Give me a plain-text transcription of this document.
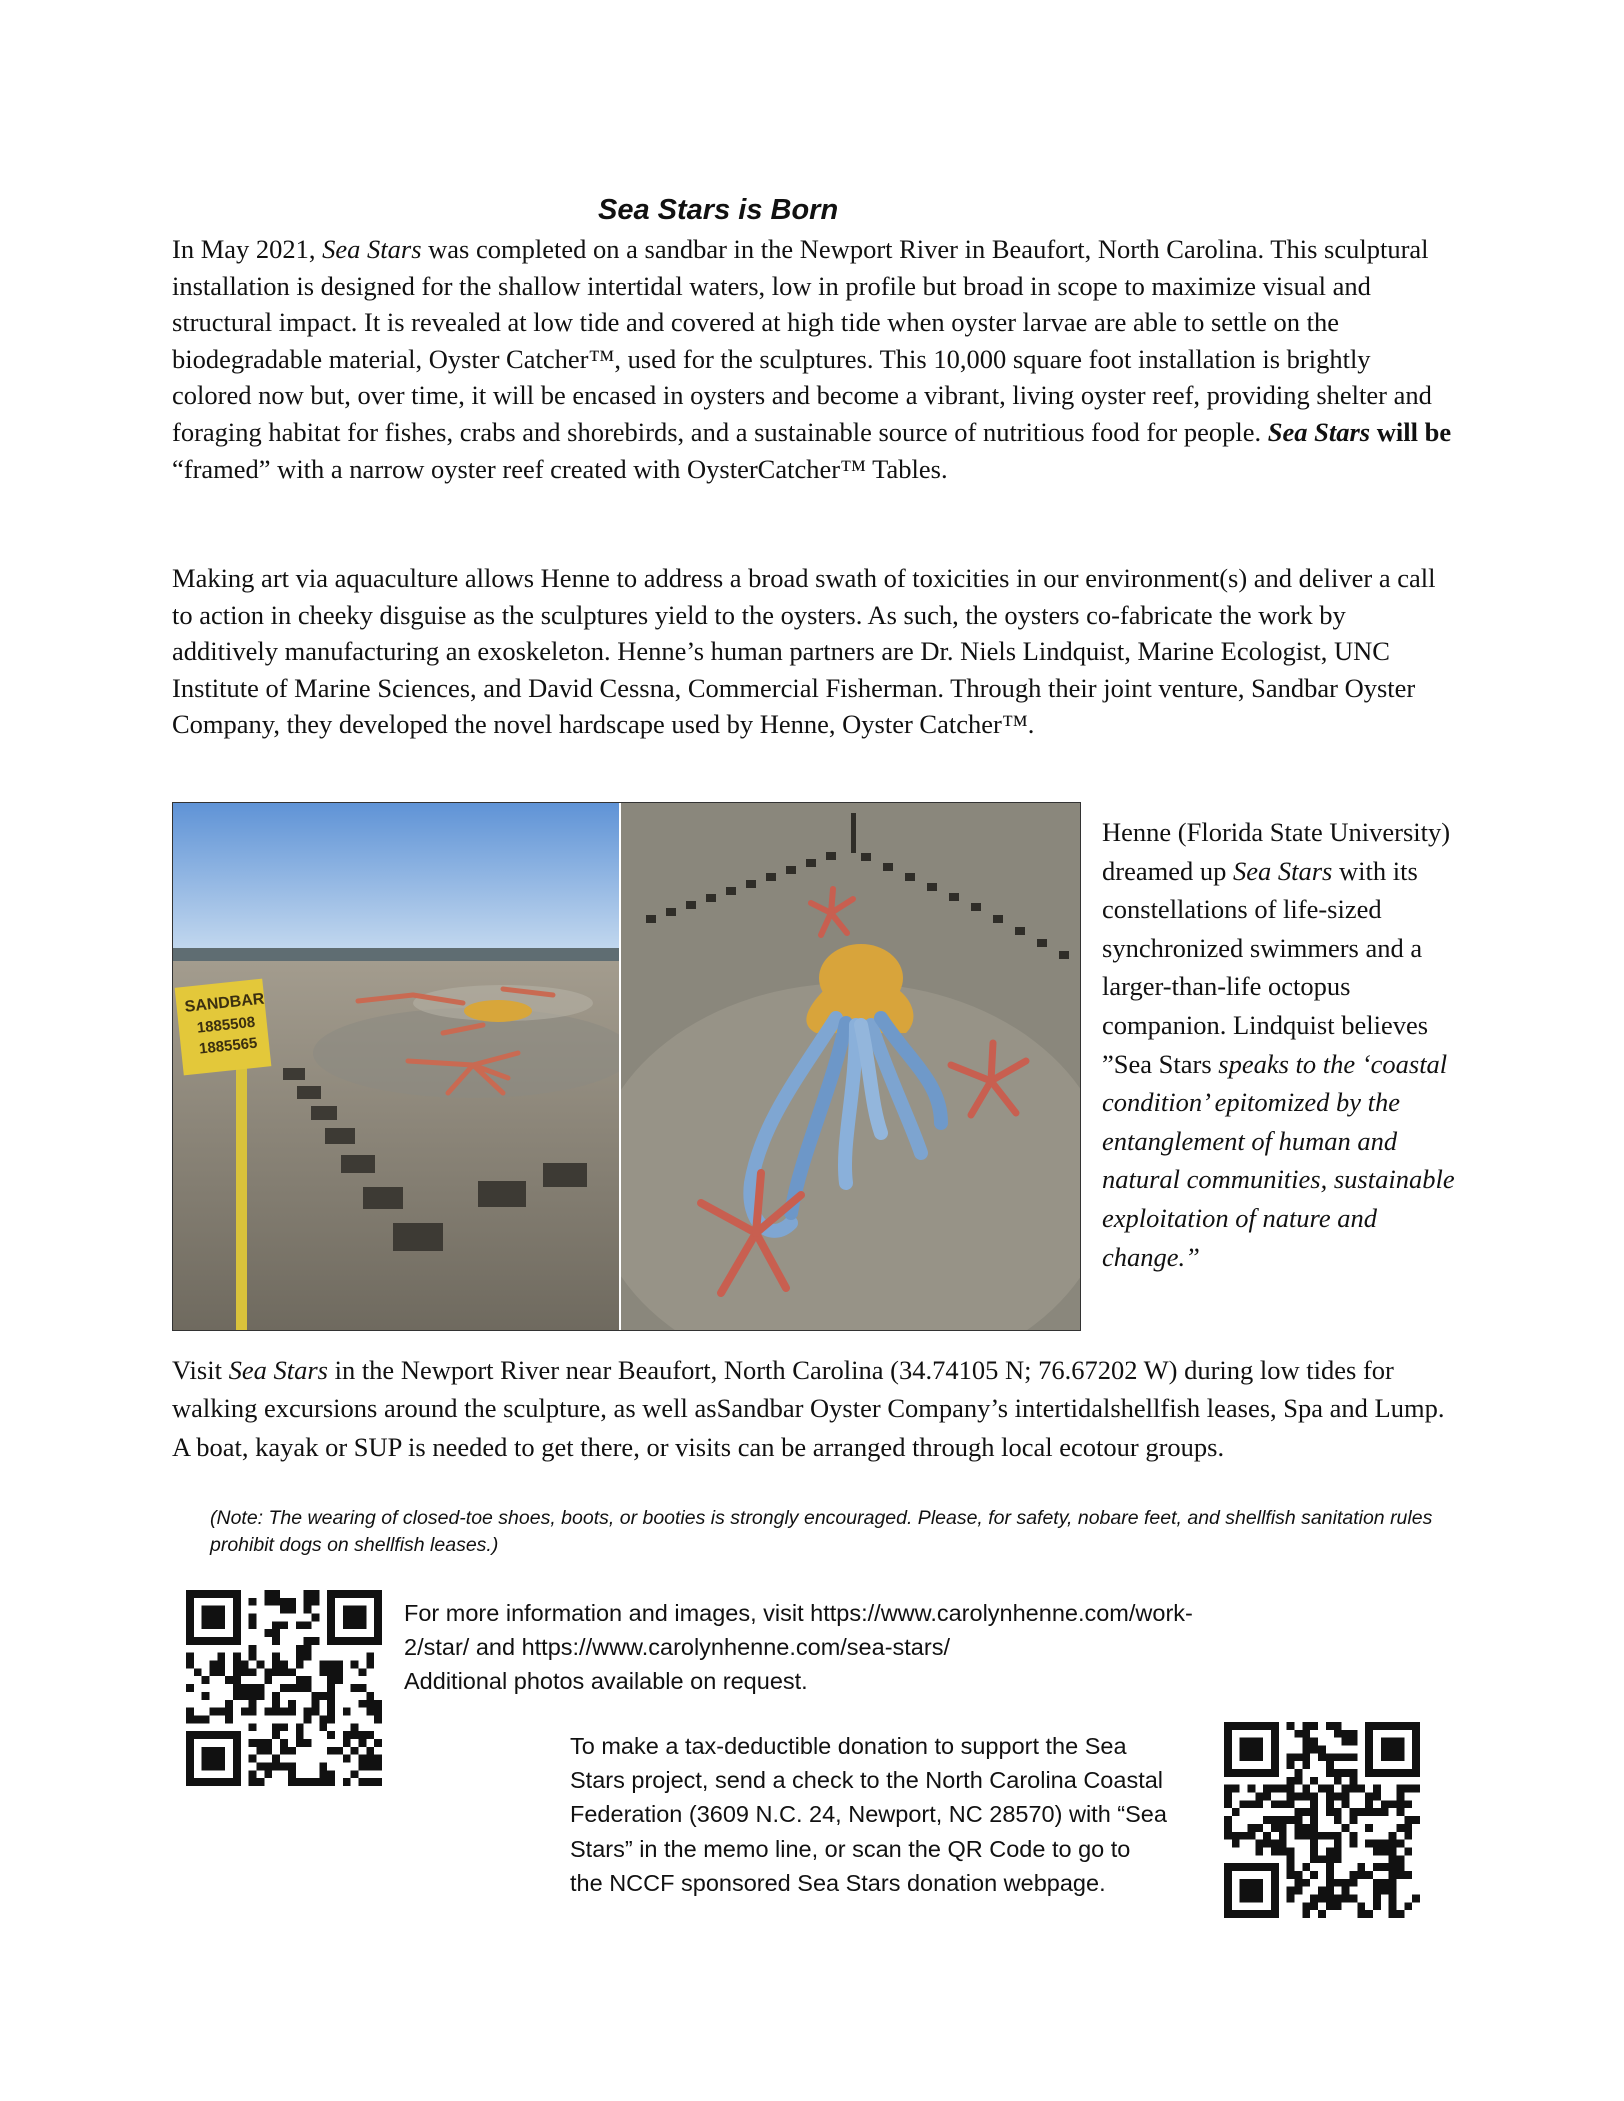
Sea Stars is Born

In May 2021, Sea Stars was completed on a sandbar in the Newport River in Beaufort, North Carolina. This sculptural installation is designed for the shallow intertidal waters, low in profile but broad in scope to maximize visual and structural impact. It is revealed at low tide and covered at high tide when oyster larvae are able to settle on the biodegradable material, Oyster Catcher™, used for the sculptures. This 10,000 square foot installation is brightly colored now but, over time, it will be encased in oysters and become a vibrant, living oyster reef, providing shelter and foraging habitat for fishes, crabs and shorebirds, and a sustainable source of nutritious food for people. Sea Stars will be “framed” with a narrow oyster reef created with OysterCatcher™ Tables.

Making art via aquaculture allows Henne to address a broad swath of toxicities in our environment(s) and deliver a call to action in cheeky disguise as the sculptures yield to the oysters. As such, the oysters co-fabricate the work by additively manufacturing an exoskeleton. Henne’s human partners are Dr. Niels Lindquist, Marine Ecologist, UNC Institute of Marine Sciences, and David Cessna, Commercial Fisherman. Through their joint venture, Sandbar Oyster Company, they developed the novel hardscape used by Henne, Oyster Catcher™.

SANDBAR
1885508
1885565

Henne (Florida State University) dreamed up Sea Stars with its constellations of life-sized synchronized swimmers and a larger-than-life octopus companion. Lindquist believes ”Sea Stars speaks to the ‘coastal condition’ epitomized by the entanglement of human and natural communities, sustainable exploitation of nature and change.”

Visit Sea Stars in the Newport River near Beaufort, North Carolina (34.74105 N; 76.67202 W) during low tides for walking excursions around the sculpture, as well asSandbar Oyster Company’s intertidalshellfish leases, Spa and Lump. A boat, kayak or SUP is needed to get there, or visits can be arranged through local ecotour groups.

(Note: The wearing of closed-toe shoes, boots, or booties is strongly encouraged. Please, for safety, nobare feet, and shellfish sanitation rules prohibit dogs on shellfish leases.)

For more information and images, visit https://www.carolynhenne.com/work-
2/star/ and https://www.carolynhenne.com/sea-stars/
Additional photos available on request.
To make a tax-deductible donation to support the Sea
Stars project, send a check to the North Carolina Coastal
Federation (3609 N.C. 24, Newport, NC 28570) with “Sea
Stars” in the memo line, or scan the QR Code to go to
the NCCF sponsored Sea Stars donation webpage.
